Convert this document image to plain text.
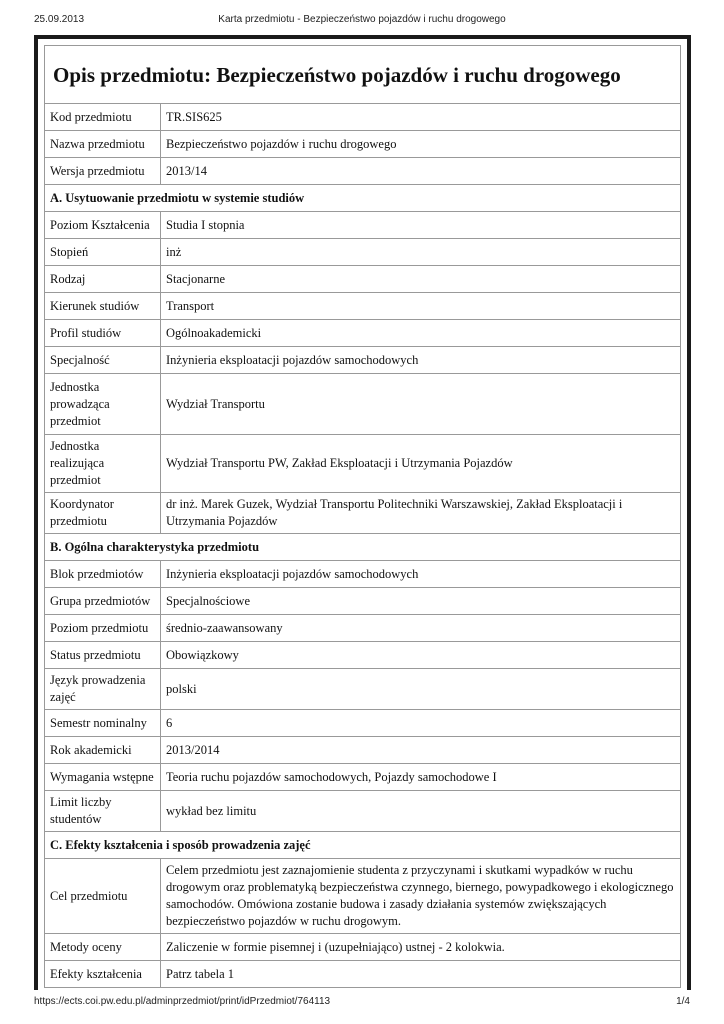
25.09.2013	Karta przedmiotu - Bezpieczeństwo pojazdów i ruchu drogowego
Opis przedmiotu: Bezpieczeństwo pojazdów i ruchu drogowego
Kod przedmiotu	TR.SIS625
Nazwa przedmiotu	Bezpieczeństwo pojazdów i ruchu drogowego
Wersja przedmiotu	2013/14
A. Usytuowanie przedmiotu w systemie studiów	
Poziom Kształcenia	Studia I stopnia
Stopień	inż
Rodzaj	Stacjonarne
Kierunek studiów	Transport
Profil studiów	Ogólnoakademicki
Specjalność	Inżynieria eksploatacji pojazdów samochodowych
Jednostka prowadząca przedmiot	Wydział Transportu
Jednostka realizująca przedmiot	Wydział Transportu PW, Zakład Eksploatacji i Utrzymania Pojazdów
Koordynator przedmiotu	dr inż. Marek Guzek, Wydział Transportu Politechniki Warszawskiej, Zakład Eksploatacji i Utrzymania Pojazdów
B. Ogólna charakterystyka przedmiotu	
Blok przedmiotów	Inżynieria eksploatacji pojazdów samochodowych
Grupa przedmiotów	Specjalnościowe
Poziom przedmiotu	średnio-zaawansowany
Status przedmiotu	Obowiązkowy
Język prowadzenia zajęć	polski
Semestr nominalny	6
Rok akademicki	2013/2014
Wymagania wstępne	Teoria ruchu pojazdów samochodowych, Pojazdy samochodowe I
Limit liczby studentów	wykład bez limitu
C. Efekty kształcenia i sposób prowadzenia zajęć	
Cel przedmiotu	Celem przedmiotu jest zaznajomienie studenta z przyczynami i skutkami wypadków w ruchu drogowym oraz problematyką bezpieczeństwa czynnego, biernego, powypadkowego i ekologicznego samochodów. Omówiona zostanie budowa i zasady działania systemów zwiększających bezpieczeństwo pojazdów w ruchu drogowym.
Metody oceny	Zaliczenie w formie pisemnej i (uzupełniająco) ustnej - 2 kolokwia.
Efekty kształcenia	Patrz tabela 1
https://ects.coi.pw.edu.pl/adminprzedmiot/print/idPrzedmiot/764113	1/4
